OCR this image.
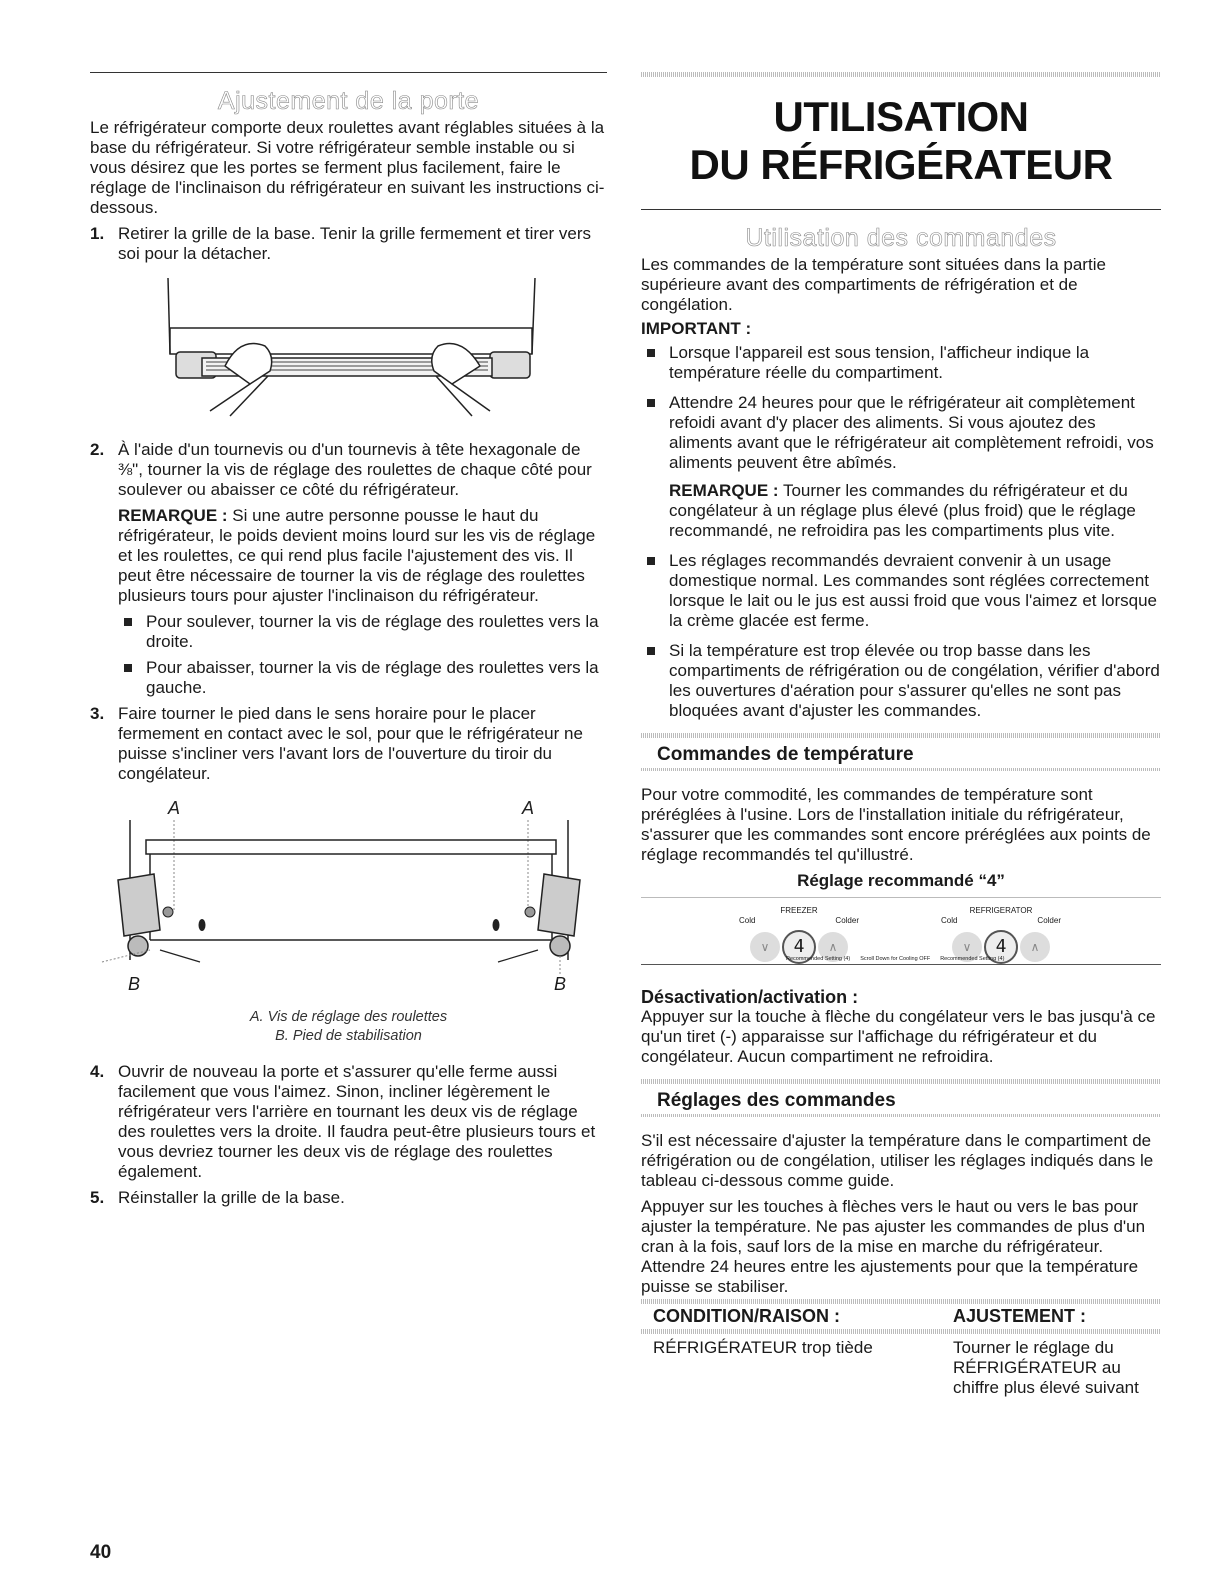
Ajustement de la porte

Le réfrigérateur comporte deux roulettes avant réglables situées à la base du réfrigérateur. Si votre réfrigérateur semble instable ou si vous désirez que les portes se ferment plus facilement, faire le réglage de l'inclinaison du réfrigérateur en suivant les instructions ci-dessous.

1. Retirer la grille de la base. Tenir la grille fermement et tirer vers soi pour la détacher.
2. À l'aide d'un tournevis ou d'un tournevis à tête hexagonale de ⅜", tourner la vis de réglage des roulettes de chaque côté pour soulever ou abaisser ce côté du réfrigérateur.

REMARQUE : Si une autre personne pousse le haut du réfrigérateur, le poids devient moins lourd sur les vis de réglage et les roulettes, ce qui rend plus facile l'ajustement des vis. Il peut être nécessaire de tourner la vis de réglage des roulettes plusieurs tours pour ajuster l'inclinaison du réfrigérateur.

Pour soulever, tourner la vis de réglage des roulettes vers la droite.
Pour abaisser, tourner la vis de réglage des roulettes vers la gauche.
3. Faire tourner le pied dans le sens horaire pour le placer fermement en contact avec le sol, pour que le réfrigérateur ne puisse s'incliner vers l'avant lors de l'ouverture du tiroir du congélateur.
A	A
B	B

A. Vis de réglage des roulettes

B. Pied de stabilisation

4. Ouvrir de nouveau la porte et s'assurer qu'elle ferme aussi facilement que vous l'aimez. Sinon, incliner légèrement le réfrigérateur vers l'arrière en tournant les deux vis de réglage des roulettes vers la droite. Il faudra peut-être plusieurs tours et vous devriez tourner les deux vis de réglage des roulettes également.
5. Réinstaller la grille de la base.
UTILISATION
DU RÉFRIGÉRATEUR
Utilisation des commandes

Les commandes de la température sont situées dans la partie supérieure avant des compartiments de réfrigération et de congélation.

IMPORTANT :

Lorsque l'appareil est sous tension, l'afficheur indique la température réelle du compartiment.

Attendre 24 heures pour que le réfrigérateur ait complètement refoidi avant d'y placer des aliments. Si vous ajoutez des aliments avant que le réfrigérateur ait complètement refroidi, vos aliments peuvent être abîmés.

REMARQUE : Tourner les commandes du réfrigérateur et du congélateur à un réglage plus élevé (plus froid) que le réglage recommandé, ne refroidira pas les compartiments plus vite.

Les réglages recommandés devraient convenir à un usage domestique normal. Les commandes sont réglées correctement lorsque le lait ou le jus est aussi froid que vous l'aimez et lorsque la crème glacée est ferme.
Si la température est trop élevée ou trop basse dans les compartiments de réfrigération ou de congélation, vérifier d'abord les ouvertures d'aération pour s'assurer qu'elles ne sont pas bloquées avant d'ajuster les commandes.

Commandes de température

Pour votre commodité, les commandes de température sont préréglées à l'usine. Lors de l'installation initiale du réfrigérateur, s'assurer que les commandes sont encore préréglées aux points de réglage recommandés tel qu'illustré.

Réglage recommandé “4”

FREEZER
Cold	Colder
∨	4	∧
REFRIGERATOR
Cold	Colder
∨	4	∧
Recommended Setting (4) Scroll Down for Cooling OFF Recommended Setting (4)

Désactivation/activation :

Appuyer sur la touche à flèche du congélateur vers le bas jusqu'à ce qu'un tiret (-) apparaisse sur l'affichage du réfrigérateur et du congélateur. Aucun compartiment ne refroidira.

Réglages des commandes

S'il est nécessaire d'ajuster la température dans le compartiment de réfrigération ou de congélation, utiliser les réglages indiqués dans le tableau ci-dessous comme guide.

Appuyer sur les touches à flèches vers le haut ou vers le bas pour ajuster la température. Ne pas ajuster les commandes de plus d'un cran à la fois, sauf lors de la mise en marche du réfrigérateur. Attendre 24 heures entre les ajustements pour que la température puisse se stabiliser.

CONDITION/RAISON :	AJUSTEMENT :
RÉFRIGÉRATEUR trop tiède	Tourner le réglage du RÉFRIGÉRATEUR au chiffre plus élevé suivant
40
